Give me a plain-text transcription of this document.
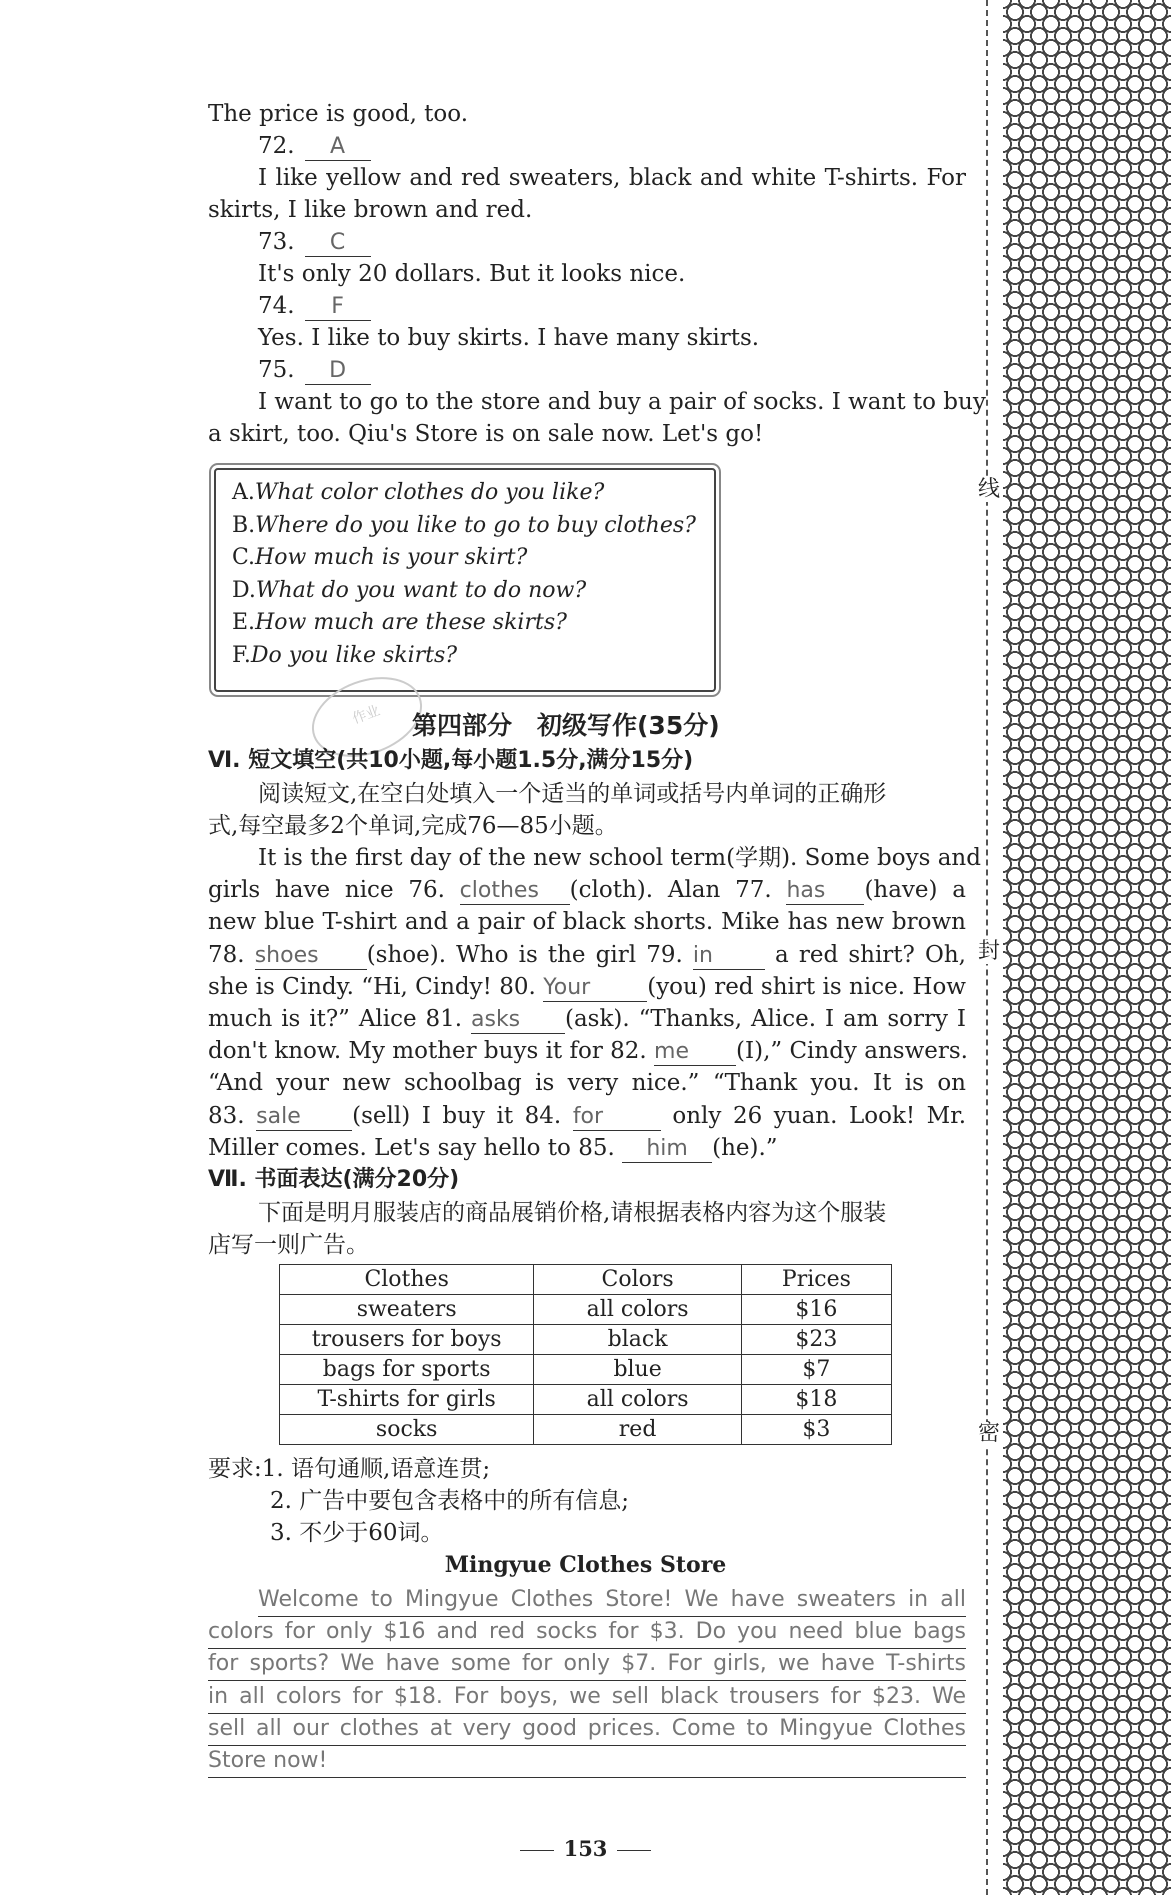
The price is good, too.
72. A
I like yellow and red sweaters, black and white T-shirts. For
skirts, I like brown and red.
73. C
It's only 20 dollars. But it looks nice.
74. F
Yes. I like to buy skirts. I have many skirts.
75. D
I want to go to the store and buy a pair of socks. I want to buy
a skirt, too. Qiu's Store is on sale now. Let's go!
A.What color clothes do you like?
B.Where do you like to go to buy clothes?
C.How much is your skirt?
D.What do you want to do now?
E.How much are these skirts?
F.Do you like skirts?
作业	第四部分　初级写作(35分)
Ⅵ. 短文填空(共10小题,每小题1.5分,满分15分)
阅读短文,在空白处填入一个适当的单词或括号内单词的正确形
式,每空最多2个单词,完成76—85小题。
It is the first day of the new school term(学期). Some boys and
girls have nice 76. clothes (cloth). Alan 77. has (have) a
new blue T-shirt and a pair of black shorts. Mike has new brown
78. shoes (shoe). Who is the girl 79. in a red shirt? Oh,
she is Cindy. “Hi, Cindy! 80. Your (you) red shirt is nice. How
much is it?” Alice 81. asks (ask). “Thanks, Alice. I am sorry I
don't know. My mother buys it for 82. me (I),” Cindy answers.
“And your new schoolbag is very nice.” “Thank you. It is on
83. sale (sell) I buy it 84. for	only 26 yuan. Look! Mr.
Miller comes. Let's say hello to 85. him (he).”
Ⅶ. 书面表达(满分20分)
下面是明月服装店的商品展销价格,请根据表格内容为这个服装
店写一则广告。
Clothes	Colors	Prices
sweaters	all colors	$16
trousers for boys	black	$23
bags for sports	blue	$7
T-shirts for girls	all colors	$18
socks	red	$3
要求:1. 语句通顺,语意连贯;
2. 广告中要包含表格中的所有信息;
3. 不少于60词。
Mingyue Clothes Store
Welcome to Mingyue Clothes Store! We have sweaters in all
colors for only $16 and red socks for $3. Do you need blue bags
for sports? We have some for only $7. For girls, we have T-shirts
in all colors for $18. For boys, we sell black trousers for $23. We
sell all our clothes at very good prices. Come to Mingyue Clothes
Store now!
153
线
封
密
